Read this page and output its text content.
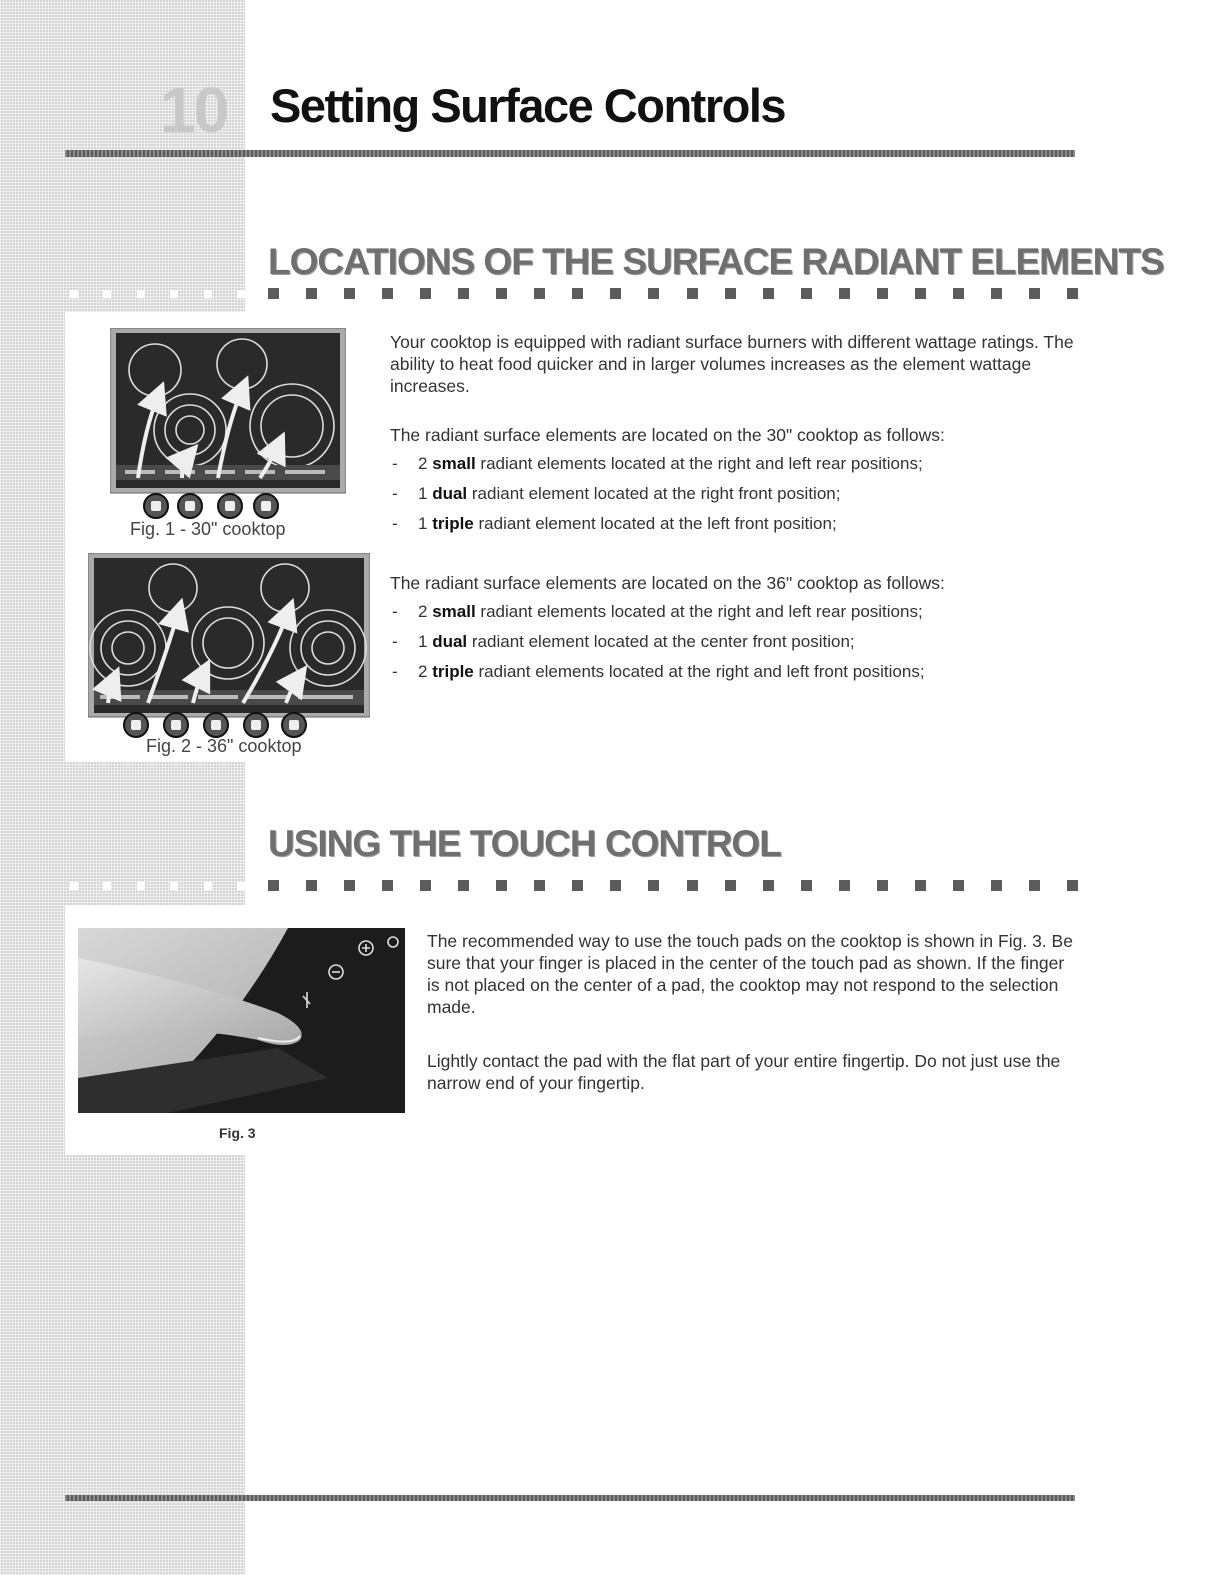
10 Setting Surface Controls
LOCATIONS OF THE SURFACE RADIANT ELEMENTS

Your cooktop is equipped with radiant surface burners with different wattage ratings. The ability to heat food quicker and in larger volumes increases as the element wattage increases.

The radiant surface elements are located on the 30" cooktop as follows:
- 2 small radiant elements located at the right and left rear positions;
- 1 dual radiant element located at the right front position;
- 1 triple radiant element located at the left front position;
The radiant surface elements are located on the 36" cooktop as follows:
- 2 small radiant elements located at the right and left rear positions;
- 1 dual radiant element located at the center front position;
- 2 triple radiant elements located at the right and left front positions;
Fig. 1 - 30" cooktop
Fig. 2 - 36" cooktop
USING THE TOUCH CONTROL
Fig. 3

The recommended way to use the touch pads on the cooktop is shown in Fig. 3. Be sure that your finger is placed in the center of the touch pad as shown. If the finger is not placed on the center of a pad, the cooktop may not respond to the selection made.

Lightly contact the pad with the flat part of your entire fingertip. Do not just use the narrow end of your fingertip.
